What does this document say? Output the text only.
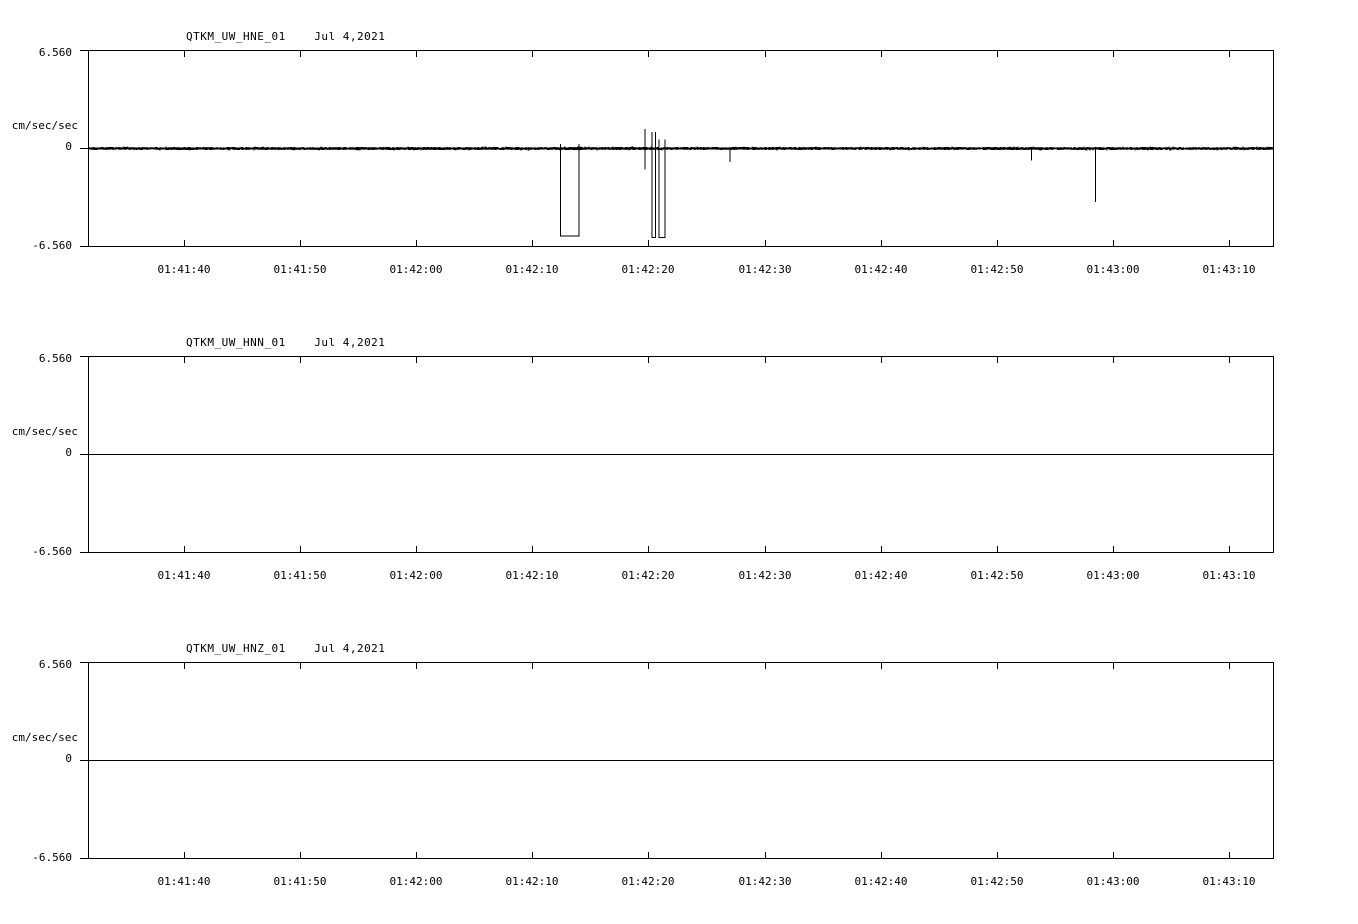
QTKM_UW_HNE_01    Jul 4,2021
6.560
cm/sec/sec
0
-6.560
01:41:40	01:41:50	01:42:00	01:42:10	01:42:20	01:42:30	01:42:40	01:42:50	01:43:00	01:43:10
QTKM_UW_HNN_01    Jul 4,2021
6.560
cm/sec/sec
0
-6.560
01:41:40	01:41:50	01:42:00	01:42:10	01:42:20	01:42:30	01:42:40	01:42:50	01:43:00	01:43:10
QTKM_UW_HNZ_01    Jul 4,2021
6.560
cm/sec/sec
0
-6.560
01:41:40	01:41:50	01:42:00	01:42:10	01:42:20	01:42:30	01:42:40	01:42:50	01:43:00	01:43:10
